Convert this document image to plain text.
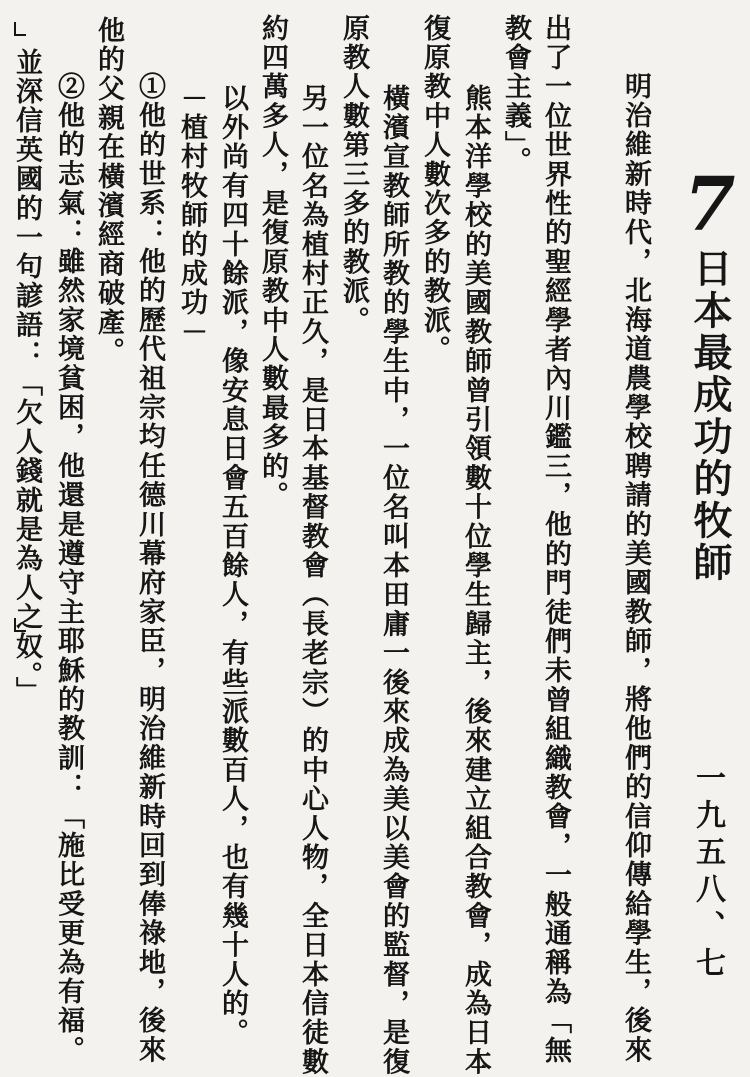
7
日本最成功的牧師
一九五八、七
明治維新時代，北海道農學校聘請的美國教師，將他們的信仰傳給學生，後來
出了一位世界性的聖經學者內川鑑三，他的門徒們未曾組織教會，一般通稱為「無
教會主義」。
熊本洋學校的美國教師曾引領數十位學生歸主，後來建立組合教會，成為日本
復原教中人數次多的教派。
橫濱宣教師所教的學生中，一位名叫本田庸一後來成為美以美會的監督，是復
原教人數第三多的教派。
另一位名為植村正久，是日本基督教會（長老宗）的中心人物，全日本信徒數
約四萬多人，是復原教中人數最多的。
以外尚有四十餘派，像安息日會五百餘人，有些派數百人，也有幾十人的。
－植村牧師的成功－
①他的世系：他的歷代祖宗均任德川幕府家臣，明治維新時回到俸祿地，後來
他的父親在橫濱經商破產。
②他的志氣：雖然家境貧困，他還是遵守主耶穌的教訓：「施比受更為有福。
並深信英國的一句諺語：「欠人錢就是為人之奴。」
